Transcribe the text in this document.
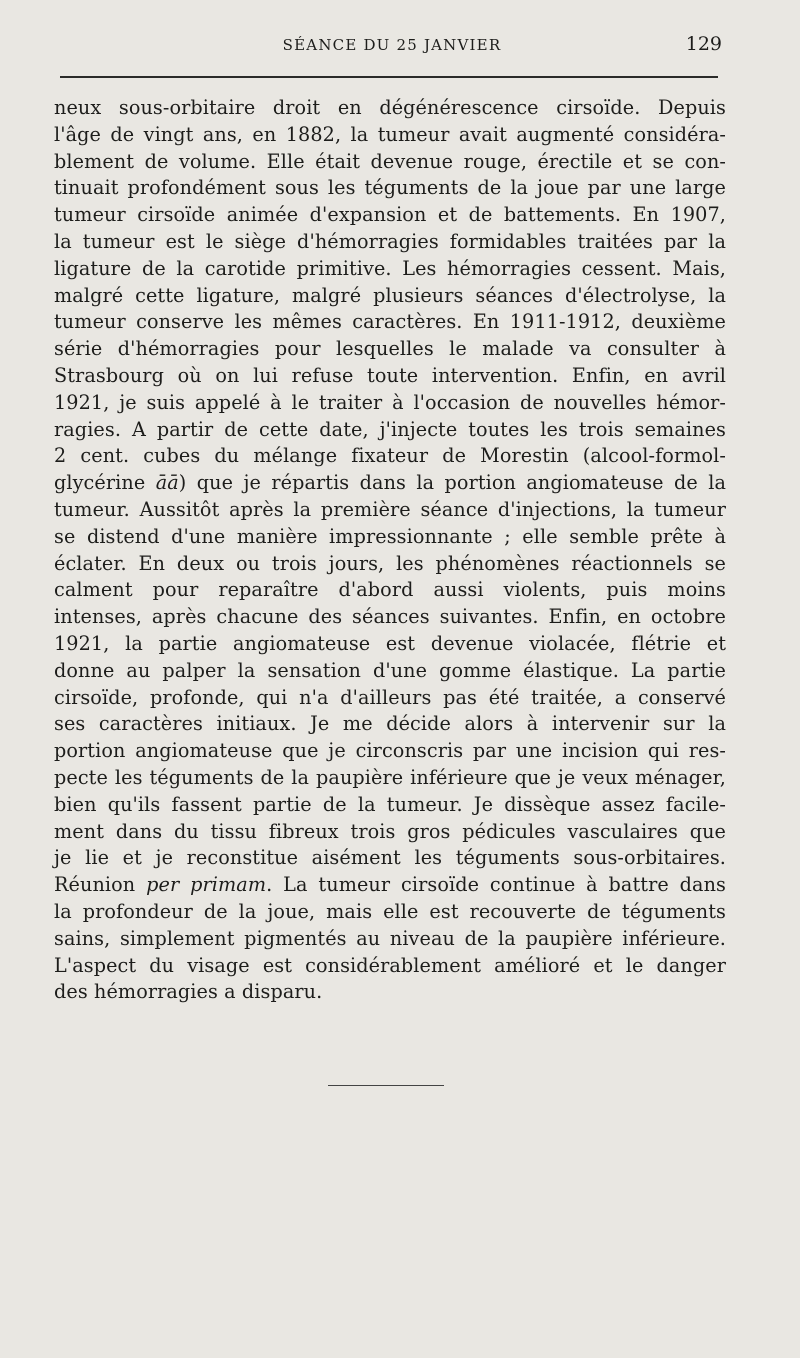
SÉANCE DU 25 JANVIER	129
neux sous-orbitaire droit en dégénérescence cirsoïde. Depuis
l'âge de vingt ans, en 1882, la tumeur avait augmenté considéra-
blement de volume. Elle était devenue rouge, érectile et se con-
tinuait profondément sous les téguments de la joue par une large
tumeur cirsoïde animée d'expansion et de battements. En 1907,
la tumeur est le siège d'hémorragies formidables traitées par la
ligature de la carotide primitive. Les hémorragies cessent. Mais,
malgré cette ligature, malgré plusieurs séances d'électrolyse, la
tumeur conserve les mêmes caractères. En 1911-1912, deuxième
série d'hémorragies pour lesquelles le malade va consulter à
Strasbourg où on lui refuse toute intervention. Enfin, en avril
1921, je suis appelé à le traiter à l'occasion de nouvelles hémor-
ragies. A partir de cette date, j'injecte toutes les trois semaines
2 cent. cubes du mélange fixateur de Morestin (alcool-formol-
glycérine āā) que je répartis dans la portion angiomateuse de la
tumeur. Aussitôt après la première séance d'injections, la tumeur
se distend d'une manière impressionnante ; elle semble prête à
éclater. En deux ou trois jours, les phénomènes réactionnels se
calment pour reparaître d'abord aussi violents, puis moins
intenses, après chacune des séances suivantes. Enfin, en octobre
1921, la partie angiomateuse est devenue violacée, flétrie et
donne au palper la sensation d'une gomme élastique. La partie
cirsoïde, profonde, qui n'a d'ailleurs pas été traitée, a conservé
ses caractères initiaux. Je me décide alors à intervenir sur la
portion angiomateuse que je circonscris par une incision qui res-
pecte les téguments de la paupière inférieure que je veux ménager,
bien qu'ils fassent partie de la tumeur. Je dissèque assez facile-
ment dans du tissu fibreux trois gros pédicules vasculaires que
je lie et je reconstitue aisément les téguments sous-orbitaires.
Réunion per primam. La tumeur cirsoïde continue à battre dans
la profondeur de la joue, mais elle est recouverte de téguments
sains, simplement pigmentés au niveau de la paupière inférieure.
L'aspect du visage est considérablement amélioré et le danger
des hémorragies a disparu.
